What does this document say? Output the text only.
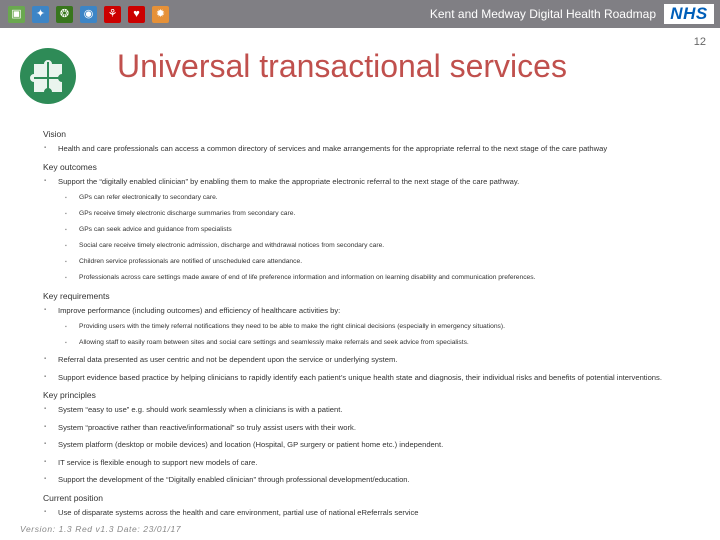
▣	✦	❂	◉	⚘	♥	✹	Kent and Medway Digital Health Roadmap NHS
12
Universal transactional services
Vision
▪ Health and care professionals can access a common directory of services and make arrangements for the appropriate referral to the next stage of the care pathway
Key outcomes
▪ Support the “digitally enabled clinician” by enabling them to make the appropriate electronic referral to the next stage of the care pathway.
▪ GPs can refer electronically to secondary care.
▪ GPs receive timely electronic discharge summaries from secondary care.
▪ GPs can seek advice and guidance from specialists
▪ Social care receive timely electronic admission, discharge and withdrawal notices from secondary care.
▪ Children service professionals are notified of unscheduled care attendance.
▪ Professionals across care settings made aware of end of life preference information and information on learning disability and communication preferences.
Key requirements
▪ Improve performance (including outcomes) and efficiency of healthcare activities by:
▪ Providing users with the timely referral notifications they need to be able to make the right clinical decisions (especially in emergency situations).
▪ Allowing staff to easily roam between sites and social care settings and seamlessly make referrals and seek advice from specialists.
▪ Referral data presented as user centric and not be dependent upon the service or underlying system.
▪ Support evidence based practice by helping clinicians to rapidly identify each patient’s unique health state and diagnosis, their individual risks and benefits of potential interventions.
Key principles
▪ System “easy to use” e.g. should work seamlessly when a clinicians is with a patient.
▪ System “proactive rather than reactive/informational” so truly assist users with their work.
▪ System platform (desktop or mobile devices) and location (Hospital, GP surgery or patient home etc.) independent.
▪ IT service is flexible enough to support new models of care.
▪ Support the development of the “Digitally enabled clinician” through professional development/education.
Current position
▪ Use of disparate systems across the health and care environment, partial use of national eReferrals service
Version: 1.3 Red v1.3 Date: 23/01/17
